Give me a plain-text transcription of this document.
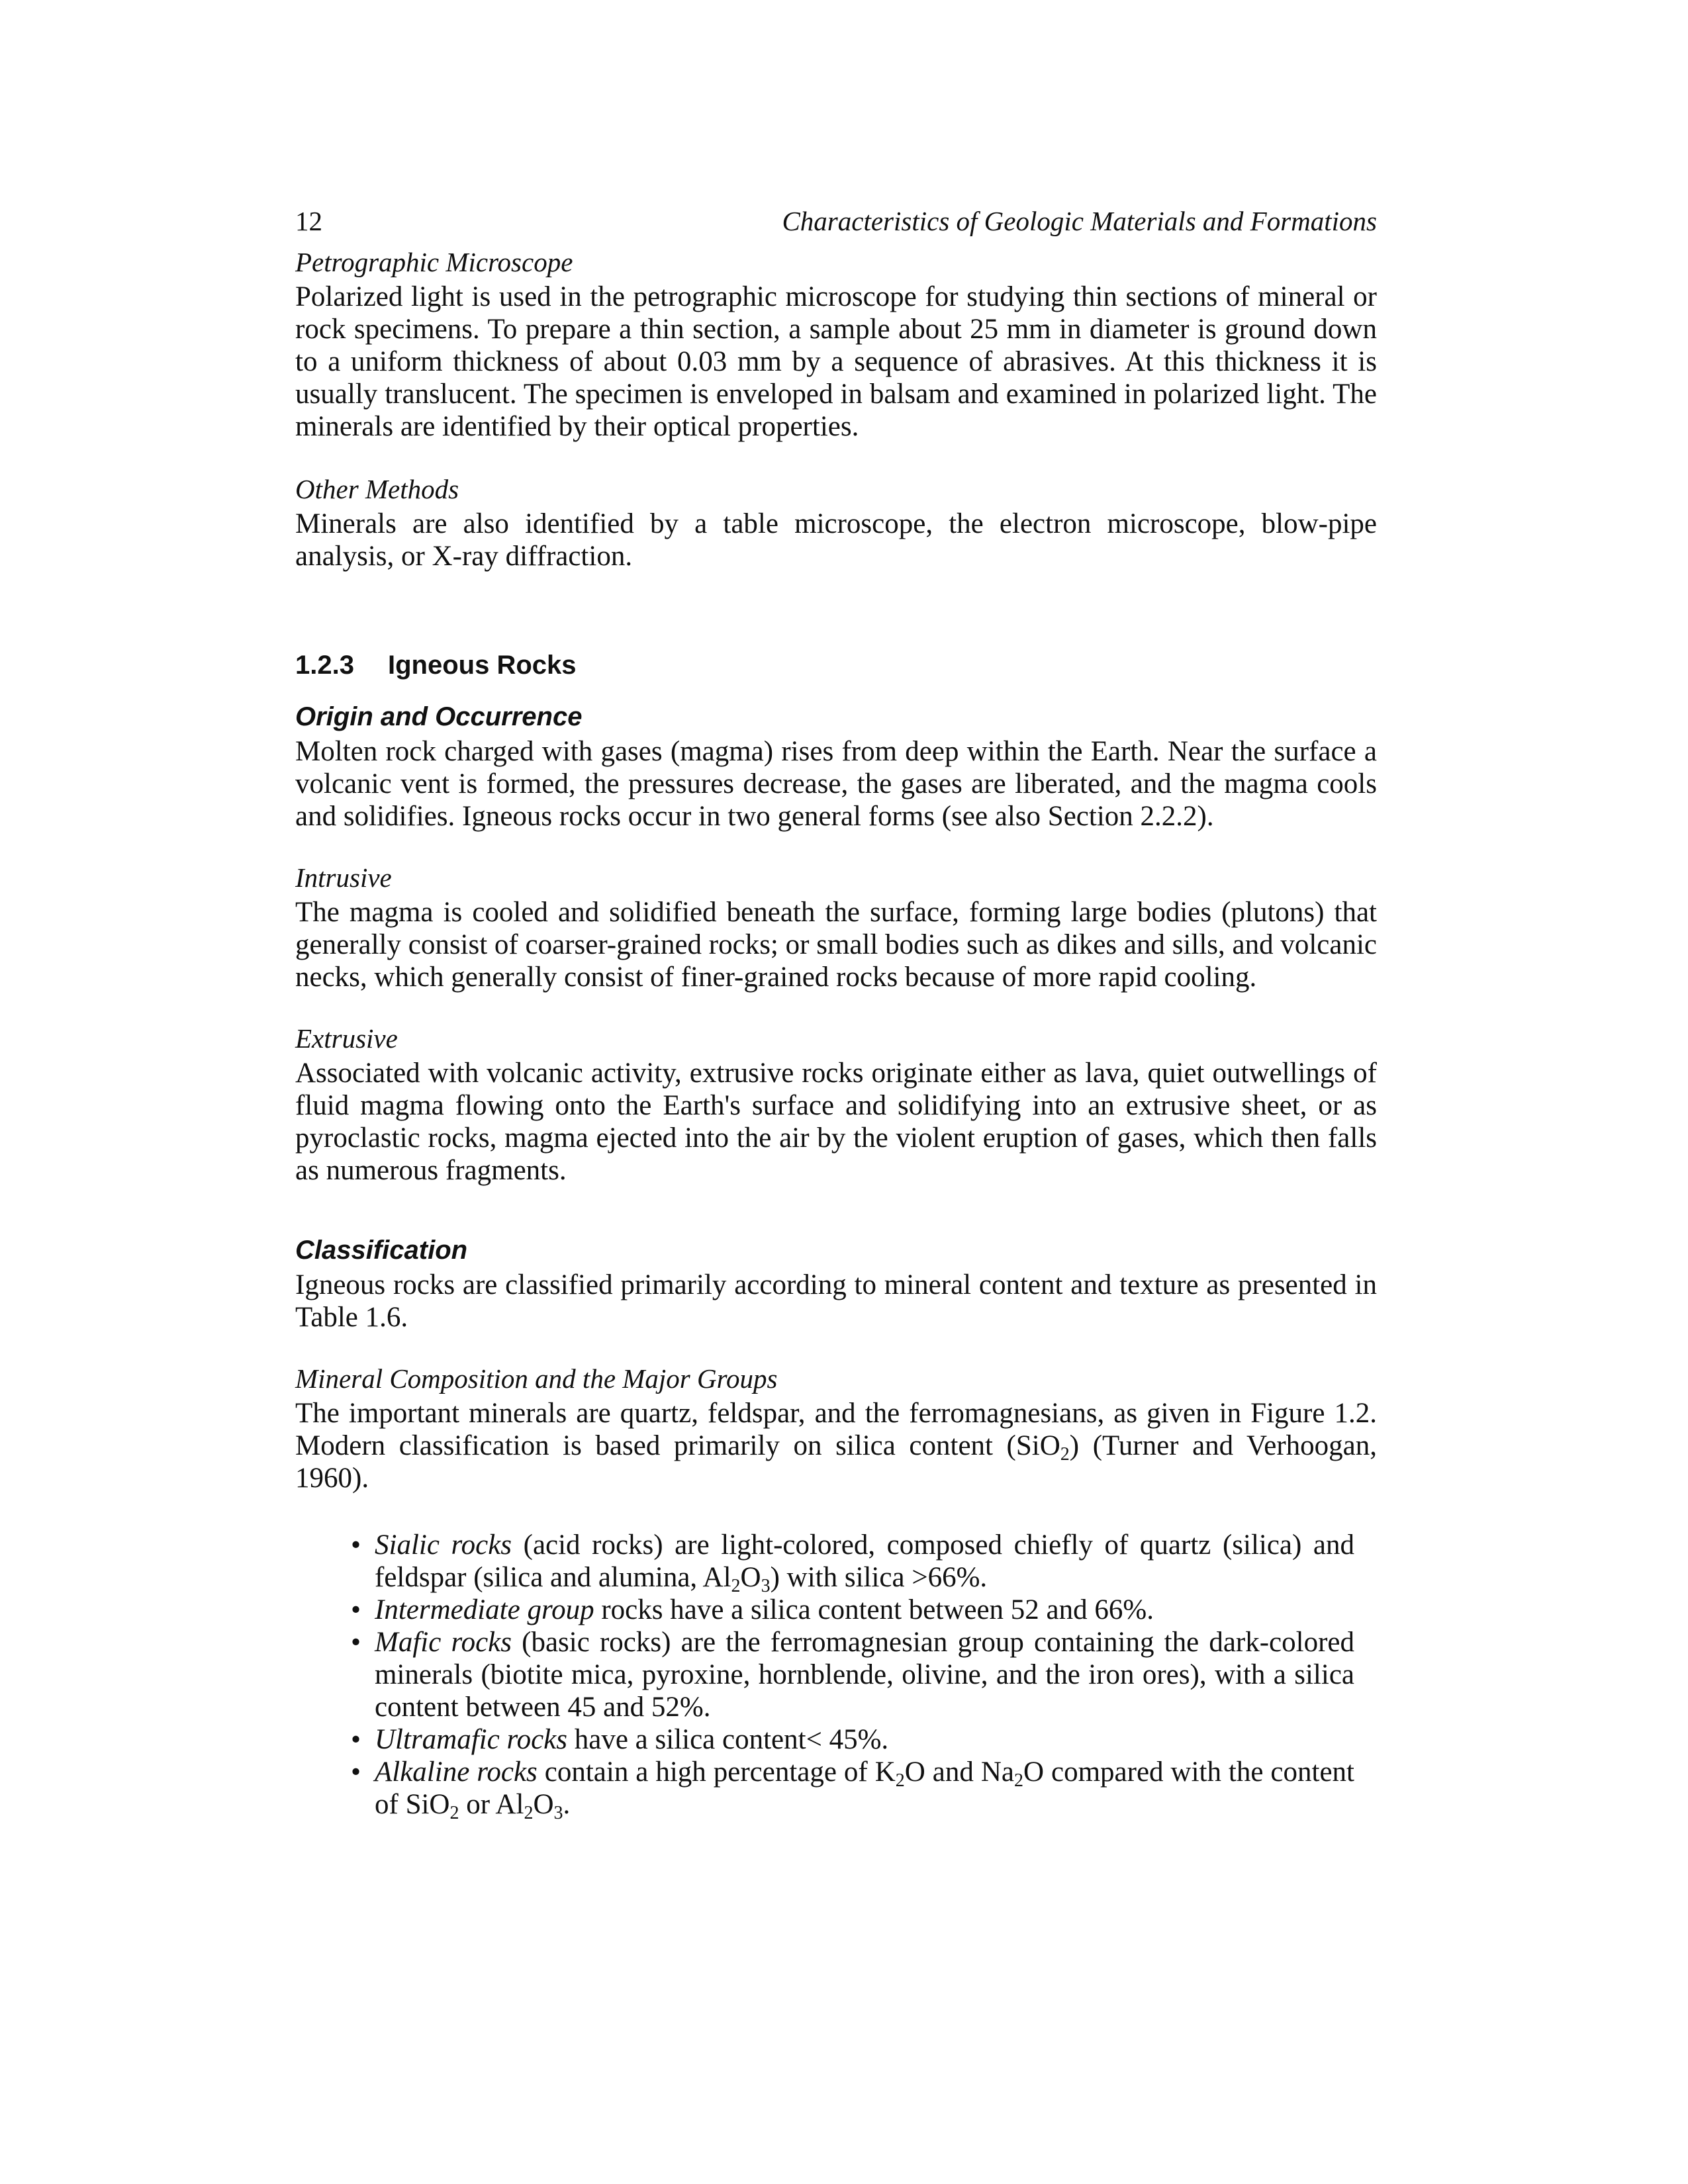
12	Characteristics of Geologic Materials and Formations

Petrographic Microscope

Polarized light is used in the petrographic microscope for studying thin sections of mineral or rock specimens. To prepare a thin section, a sample about 25 mm in diameter is ground down to a uniform thickness of about 0.03 mm by a sequence of abrasives. At this thickness it is usually translucent. The specimen is enveloped in balsam and examined in polarized light. The minerals are identified by their optical properties.

Other Methods

Minerals are also identified by a table microscope, the electron microscope, blow-pipe analysis, or X-ray diffraction.

1.2.3 Igneous Rocks

Origin and Occurrence

Molten rock charged with gases (magma) rises from deep within the Earth. Near the surface a volcanic vent is formed, the pressures decrease, the gases are liberated, and the magma cools and solidifies. Igneous rocks occur in two general forms (see also Section 2.2.2).

Intrusive

The magma is cooled and solidified beneath the surface, forming large bodies (plutons) that generally consist of coarser-grained rocks; or small bodies such as dikes and sills, and volcanic necks, which generally consist of finer-grained rocks because of more rapid cooling.

Extrusive

Associated with volcanic activity, extrusive rocks originate either as lava, quiet outwellings of fluid magma flowing onto the Earth's surface and solidifying into an extrusive sheet, or as pyroclastic rocks, magma ejected into the air by the violent eruption of gases, which then falls as numerous fragments.

Classification

Igneous rocks are classified primarily according to mineral content and texture as presented in Table 1.6.

Mineral Composition and the Major Groups

The important minerals are quartz, feldspar, and the ferromagnesians, as given in Figure 1.2. Modern classification is based primarily on silica content (SiO$_2$) (Turner and Verhoogan, 1960).

• Sialic rocks (acid rocks) are light-colored, composed chiefly of quartz (silica) and feldspar (silica and alumina, $Al_2O_3$) with silica >66%.
• Intermediate group rocks have a silica content between 52 and 66%.
• Mafic rocks (basic rocks) are the ferromagnesian group containing the dark-colored minerals (biotite mica, pyroxine, hornblende, olivine, and the iron ores), with a silica content between 45 and 52%.
• Ultramafic rocks have a silica content< 45%.
• Alkaline rocks contain a high percentage of $K_2O$ and $Na_2O$ compared with the content of SiO$_2$ or $Al_2O_3$.
